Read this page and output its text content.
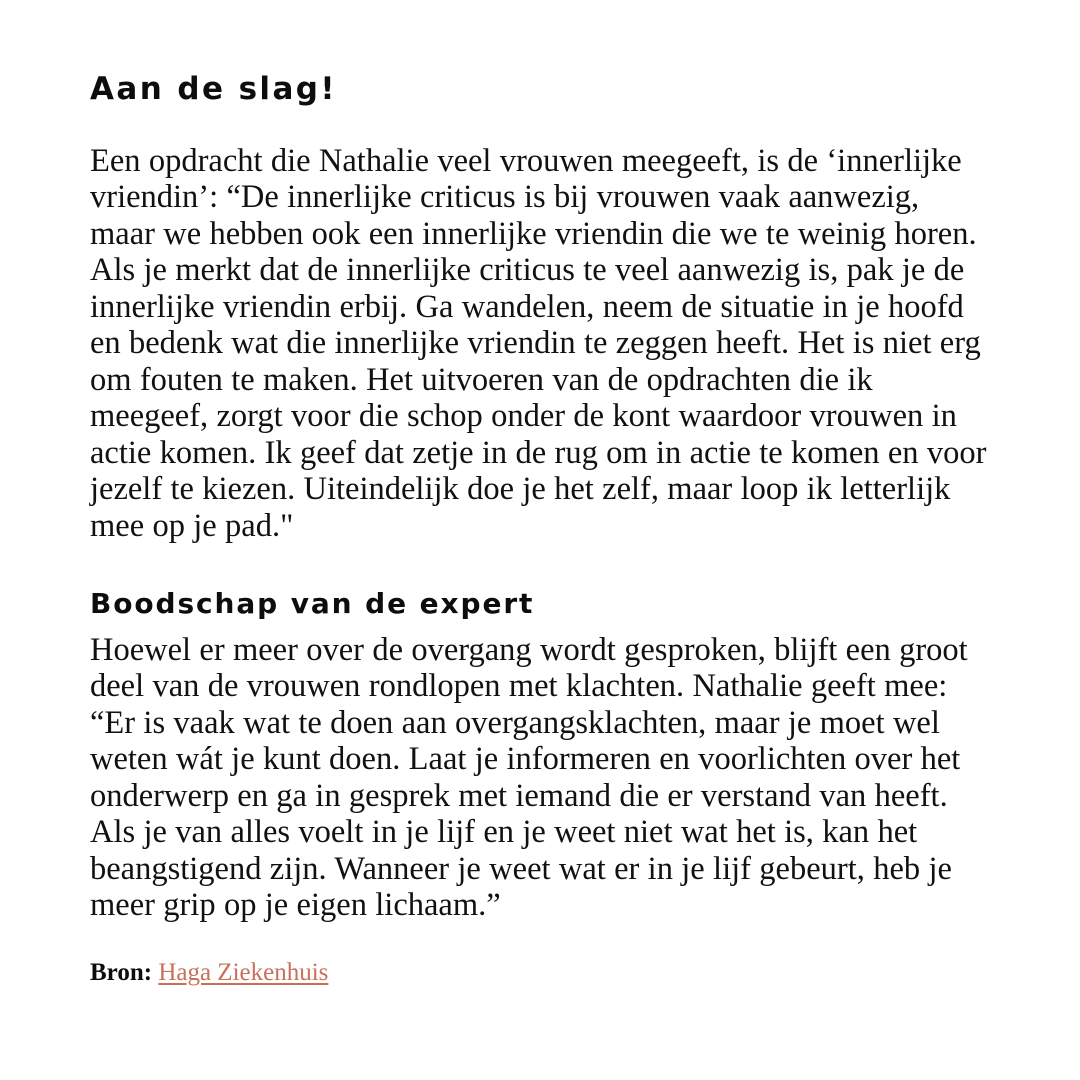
Aan de slag!

Een opdracht die Nathalie veel vrouwen meegeeft, is de ‘innerlijke vriendin’: “De innerlijke criticus is bij vrouwen vaak aanwezig, maar we hebben ook een innerlijke vriendin die we te weinig horen. Als je merkt dat de innerlijke criticus te veel aanwezig is, pak je de innerlijke vriendin erbij. Ga wandelen, neem de situatie in je hoofd en bedenk wat die innerlijke vriendin te zeggen heeft. Het is niet erg om fouten te maken. Het uitvoeren van de opdrachten die ik meegeef, zorgt voor die schop onder de kont waardoor vrouwen in actie komen. Ik geef dat zetje in de rug om in actie te komen en voor jezelf te kiezen. Uiteindelijk doe je het zelf, maar loop ik letterlijk mee op je pad."

Boodschap van de expert

Hoewel er meer over de overgang wordt gesproken, blijft een groot deel van de vrouwen rondlopen met klachten. Nathalie geeft mee: “Er is vaak wat te doen aan overgangsklachten, maar je moet wel weten wát je kunt doen. Laat je informeren en voorlichten over het onderwerp en ga in gesprek met iemand die er verstand van heeft. Als je van alles voelt in je lijf en je weet niet wat het is, kan het beangstigend zijn. Wanneer je weet wat er in je lijf gebeurt, heb je meer grip op je eigen lichaam.”

Bron: Haga Ziekenhuis
